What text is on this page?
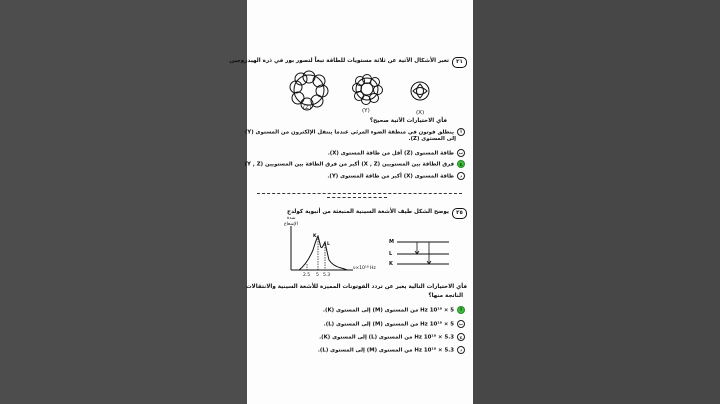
٢١
تعبر الأشكال الآتية عن ثلاثة مستويات للطاقة تبعاً لتصور بور في ذرة الهيدروجين
(Z)	(Y)	(X)
فأي الاختيارات الآتية صحيح؟
أينطلق فوتون في منطقة الضوء المرئي عندما ينتقل الإلكترون من المستوى (Y)
إلى المستوى (Z).
بطاقة المستوى (Z) أقل من طاقة المستوى (X).
جفرق الطاقة بين المستويين (X , Z) أكبر من فرق الطاقة بين المستويين (Y , Z)
دطاقة المستوى (X) أكبر من طاقة المستوى (Y).
٢٥
يوضح الشكل طيف الأشعة السينية المنبعثة من أنبوبة كولدج
شدة
الإشعاع
K
L
2.5 5 5.3
ν×10¹⁸ Hz
M
L
K
فأي الاختيارات التالية يعبر عن تردد الفوتونات المميزة للأشعة السينية والانتقالات
الناتجة منها؟
أ5 × 10¹⁸ Hz من المستوى (M) إلى المستوى (K).
ب5 × 10¹⁸ Hz من المستوى (M) إلى المستوى (L).
ج5.3 × 10¹⁸ Hz من المستوى (L) إلى المستوى (K).
د5.3 × 10¹⁸ Hz من المستوى (M) إلى المستوى (L).
